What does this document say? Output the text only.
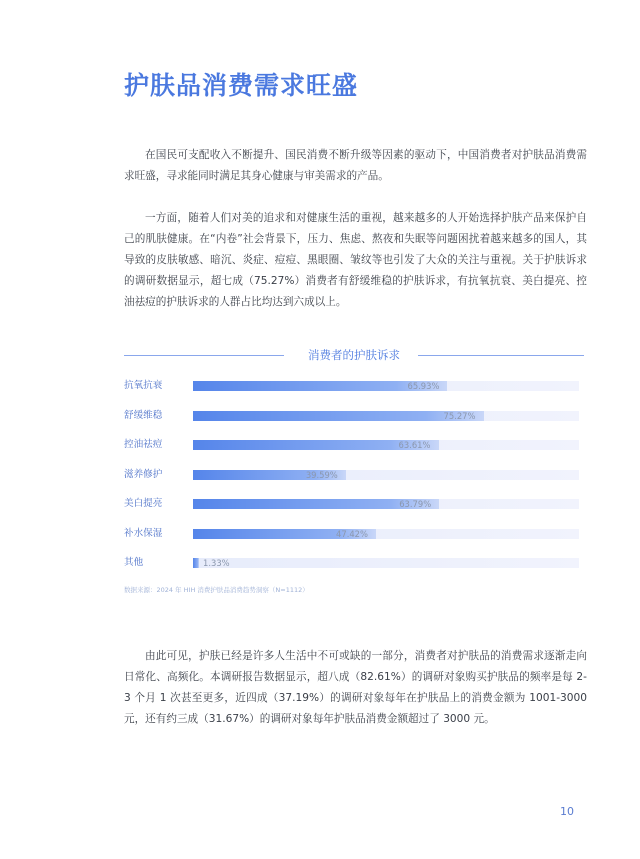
护肤品消费需求旺盛

在国民可支配收入不断提升、国民消费不断升级等因素的驱动下，中国消费者对护肤品消费需求旺盛，寻求能同时满足其身心健康与审美需求的产品。

一方面，随着人们对美的追求和对健康生活的重视，越来越多的人开始选择护肤产品来保护自己的肌肤健康。在“内卷”社会背景下，压力、焦虑、熬夜和失眠等问题困扰着越来越多的国人，其导致的皮肤敏感、暗沉、炎症、痘痘、黑眼圈、皱纹等也引发了大众的关注与重视。关于护肤诉求的调研数据显示，超七成（75.27%）消费者有舒缓维稳的护肤诉求，有抗氧抗衰、美白提亮、控油祛痘的护肤诉求的人群占比均达到六成以上。

消费者的护肤诉求
抗氧抗衰	65.93%
舒缓维稳	75.27%
控油祛痘	63.61%
滋养修护	39.59%
美白提亮	63.79%
补水保湿	47.42%
其他	1.33%
数据来源：2024 年 HIH 消费护肤品消费趋势洞察（N=1112）

由此可见，护肤已经是许多人生活中不可或缺的一部分，消费者对护肤品的消费需求逐渐走向日常化、高频化。本调研报告数据显示，超八成（82.61%）的调研对象购买护肤品的频率是每 2-3 个月 1 次甚至更多，近四成（37.19%）的调研对象每年在护肤品上的消费金额为 1001-3000 元，还有约三成（31.67%）的调研对象每年护肤品消费金额超过了 3000 元。

10
